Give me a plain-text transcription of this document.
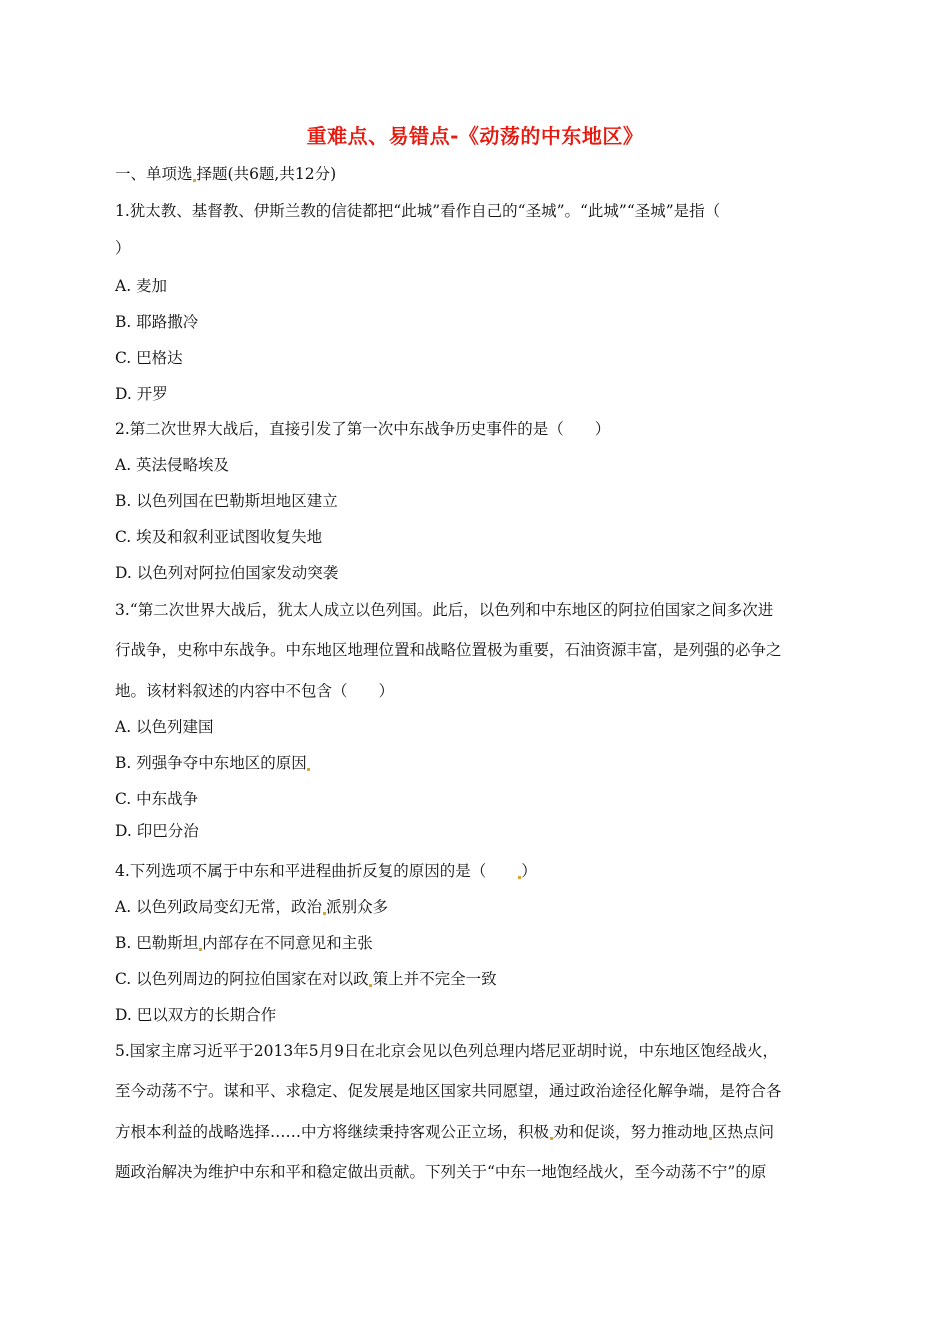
重难点、易错点-《动荡的中东地区》
一、单项选 择题(共6题,共12分)
1.犹太教、基督教、伊斯兰教的信徒都把“此城”看作自己的“圣城”。“此城”“圣城”是指（
）
A. 麦加
B. 耶路撒冷
C. 巴格达
D. 开罗
2.第二次世界大战后，直接引发了第一次中东战争历史事件的是（　　）
A. 英法侵略埃及
B. 以色列国在巴勒斯坦地区建立
C. 埃及和叙利亚试图收复失地
D. 以色列对阿拉伯国家发动突袭
3.“第二次世界大战后，犹太人成立以色列国。此后，以色列和中东地区的阿拉伯国家之间多次进
行战争，史称中东战争。中东地区地理位置和战略位置极为重要，石油资源丰富，是列强的必争之
地。该材料叙述的内容中不包含（　　）
A. 以色列建国
B. 列强争夺中东地区的原因
C. 中东战争
D. 印巴分治
4.下列选项不属于中东和平进程曲折反复的原因的是（　　）
A. 以色列政局变幻无常，政治 派别众多
B. 巴勒斯坦 内部存在不同意见和主张
C. 以色列周边的阿拉伯国家在对以政 策上并不完全一致
D. 巴以双方的长期合作
5.国家主席习近平于2013年5月9日在北京会见以色列总理内塔尼亚胡时说，中东地区饱经战火，
至今动荡不宁。谋和平、求稳定、促发展是地区国家共同愿望，通过政治途径化解争端，是符合各
方根本利益的战略选择……中方将继续秉持客观公正立场，积极 劝和促谈，努力推动地 区热点问
题政治解决为维护中东和平和稳定做出贡献。下列关于“中东一地饱经战火，至今动荡不宁”的原
